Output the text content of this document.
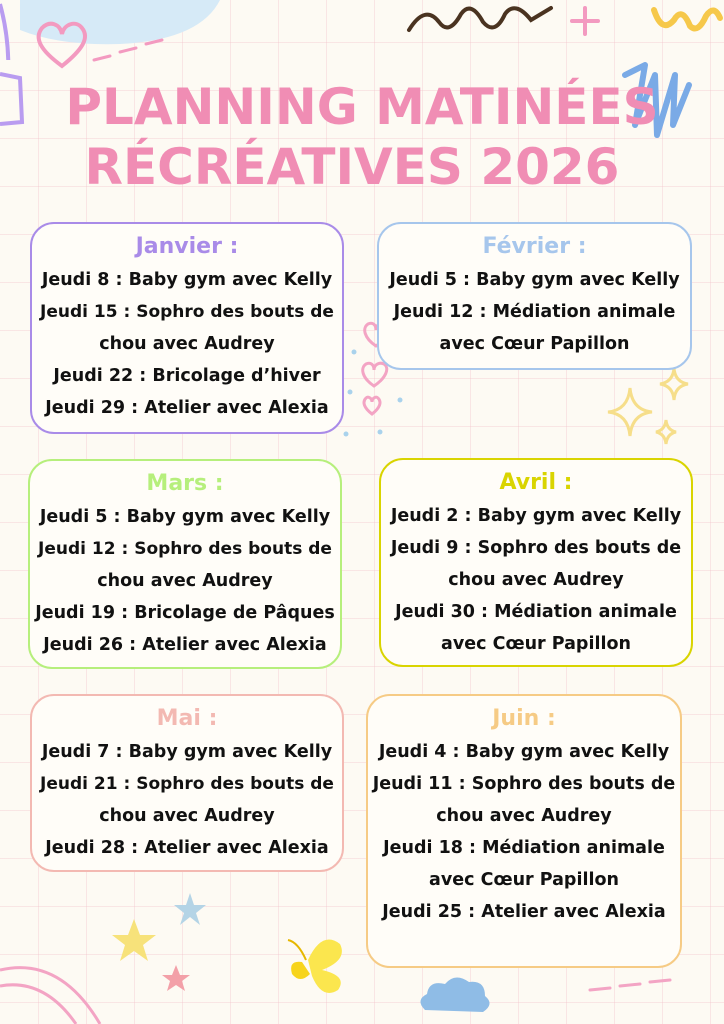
PLANNING MATINÉES
RÉCRÉATIVES 2026
Janvier :

Jeudi 8 : Baby gym avec Kelly

Jeudi 15 : Sophro des bouts de

chou avec Audrey

Jeudi 22 : Bricolage d’hiver

Jeudi 29 : Atelier avec Alexia

Février :

Jeudi 5 : Baby gym avec Kelly

Jeudi 12 : Médiation animale

avec Cœur Papillon

Mars :

Jeudi 5 : Baby gym avec Kelly

Jeudi 12 : Sophro des bouts de

chou avec Audrey

Jeudi 19 : Bricolage de Pâques

Jeudi 26 : Atelier avec Alexia

Avril :

Jeudi 2 : Baby gym avec Kelly

Jeudi 9 : Sophro des bouts de

chou avec Audrey

Jeudi 30 : Médiation animale

avec Cœur Papillon

Mai :

Jeudi 7 : Baby gym avec Kelly

Jeudi 21 : Sophro des bouts de

chou avec Audrey

Jeudi 28 : Atelier avec Alexia

Juin :

Jeudi 4 : Baby gym avec Kelly

Jeudi 11 : Sophro des bouts de

chou avec Audrey

Jeudi 18 : Médiation animale

avec Cœur Papillon

Jeudi 25 : Atelier avec Alexia
